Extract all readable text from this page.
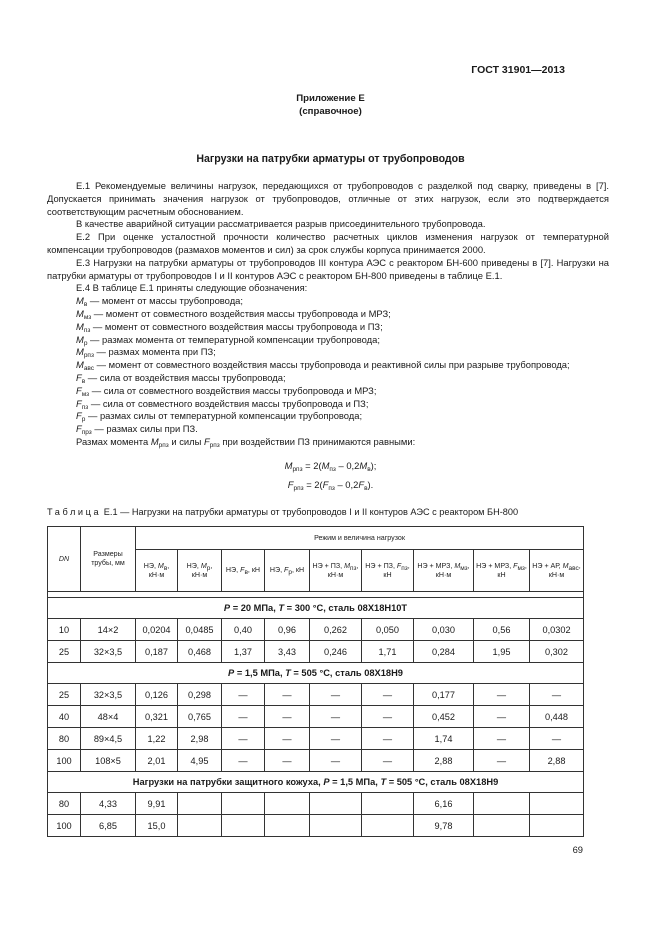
ГОСТ 31901—2013
Приложение Е
(справочное)
Нагрузки на патрубки арматуры от трубопроводов

Е.1 Рекомендуемые величины нагрузок, передающихся от трубопроводов с разделкой под сварку, приведены в [7]. Допускается принимать значения нагрузок от трубопроводов, отличные от этих нагрузок, если это подтверждается соответствующим расчетным обоснованием.

В качестве аварийной ситуации рассматривается разрыв присоединительного трубопровода.

Е.2 При оценке усталостной прочности количество расчетных циклов изменения нагрузок от температурной компенсации трубопроводов (размахов моментов и сил) за срок службы корпуса принимается 2000.

Е.3 Нагрузки на патрубки арматуры от трубопроводов III контура АЭС с реактором БН-600 приведены в [7]. Нагрузки на патрубки арматуры от трубопроводов I и II контуров АЭС с реактором БН-800 приведены в таблице Е.1.

Е.4 В таблице Е.1 приняты следующие обозначения:

$M_в$ — момент от массы трубопровода;

$M_{мз}$ — момент от совместного воздействия массы трубопровода и МРЗ;

$M_{пз}$ — момент от совместного воздействия массы трубопровода и ПЗ;

$M_р$ — размах момента от температурной компенсации трубопровода;

$M_{рпз}$ — размах момента при ПЗ;

$M_{авс}$ — момент от совместного воздействия массы трубопровода и реактивной силы при разрыве трубопровода;

$F_в$ — сила от воздействия массы трубопровода;

$F_{мз}$ — сила от совместного воздействия массы трубопровода и МРЗ;

$F_{пз}$ — сила от совместного воздействия массы трубопровода и ПЗ;

$F_р$ — размах силы от температурной компенсации трубопровода;

$F_{прз}$ — размах силы при ПЗ.

Размах момента $M_{рпз}$ и силы $F_{рпз}$ при воздействии ПЗ принимаются равными:

$M_{рпз} = 2(M_{пз} - 0,2M_в)$;
$F_{рпз} = 2(F_{пз} - 0,2F_в)$.
Таблица Е.1 — Нагрузки на патрубки арматуры от трубопроводов I и II контуров АЭС с реактором БН-800
DN	Размеры трубы, мм	Режим и величина нагрузок								
		НЭ, $M_в$, кН·м	НЭ, $M_р$, кН·м	НЭ, $F_в$, кН	НЭ, $F_р$, кН	НЭ + ПЗ, $M_{пз}$, кН·м	НЭ + ПЗ, $F_{пз}$, кН	НЭ + МРЗ, $M_{мз}$, кН·м	НЭ + МРЗ, $F_{мз}$, кН	НЭ + АР, $M_{авс}$, кН·м

P = 20 МПа, T = 300 °C, сталь 08Х18Н10Т										
10	14×2	0,0204	0,0485	0,40	0,96	0,262	0,050	0,030	0,56	0,0302
25	32×3,5	0,187	0,468	1,37	3,43	0,246	1,71	0,284	1,95	0,302
P = 1,5 МПа, T = 505 °C, сталь 08Х18Н9										
25	32×3,5	0,126	0,298	—	—	—	—	0,177	—	—
40	48×4	0,321	0,765	—	—	—	—	0,452	—	0,448
80	89×4,5	1,22	2,98	—	—	—	—	1,74	—	—
100	108×5	2,01	4,95	—	—	—	—	2,88	—	2,88
Нагрузки на патрубки защитного кожуха, P = 1,5 МПа, T = 505 °C, сталь 08Х18Н9										
80	4,33	9,91						6,16		
100	6,85	15,0						9,78		
69
